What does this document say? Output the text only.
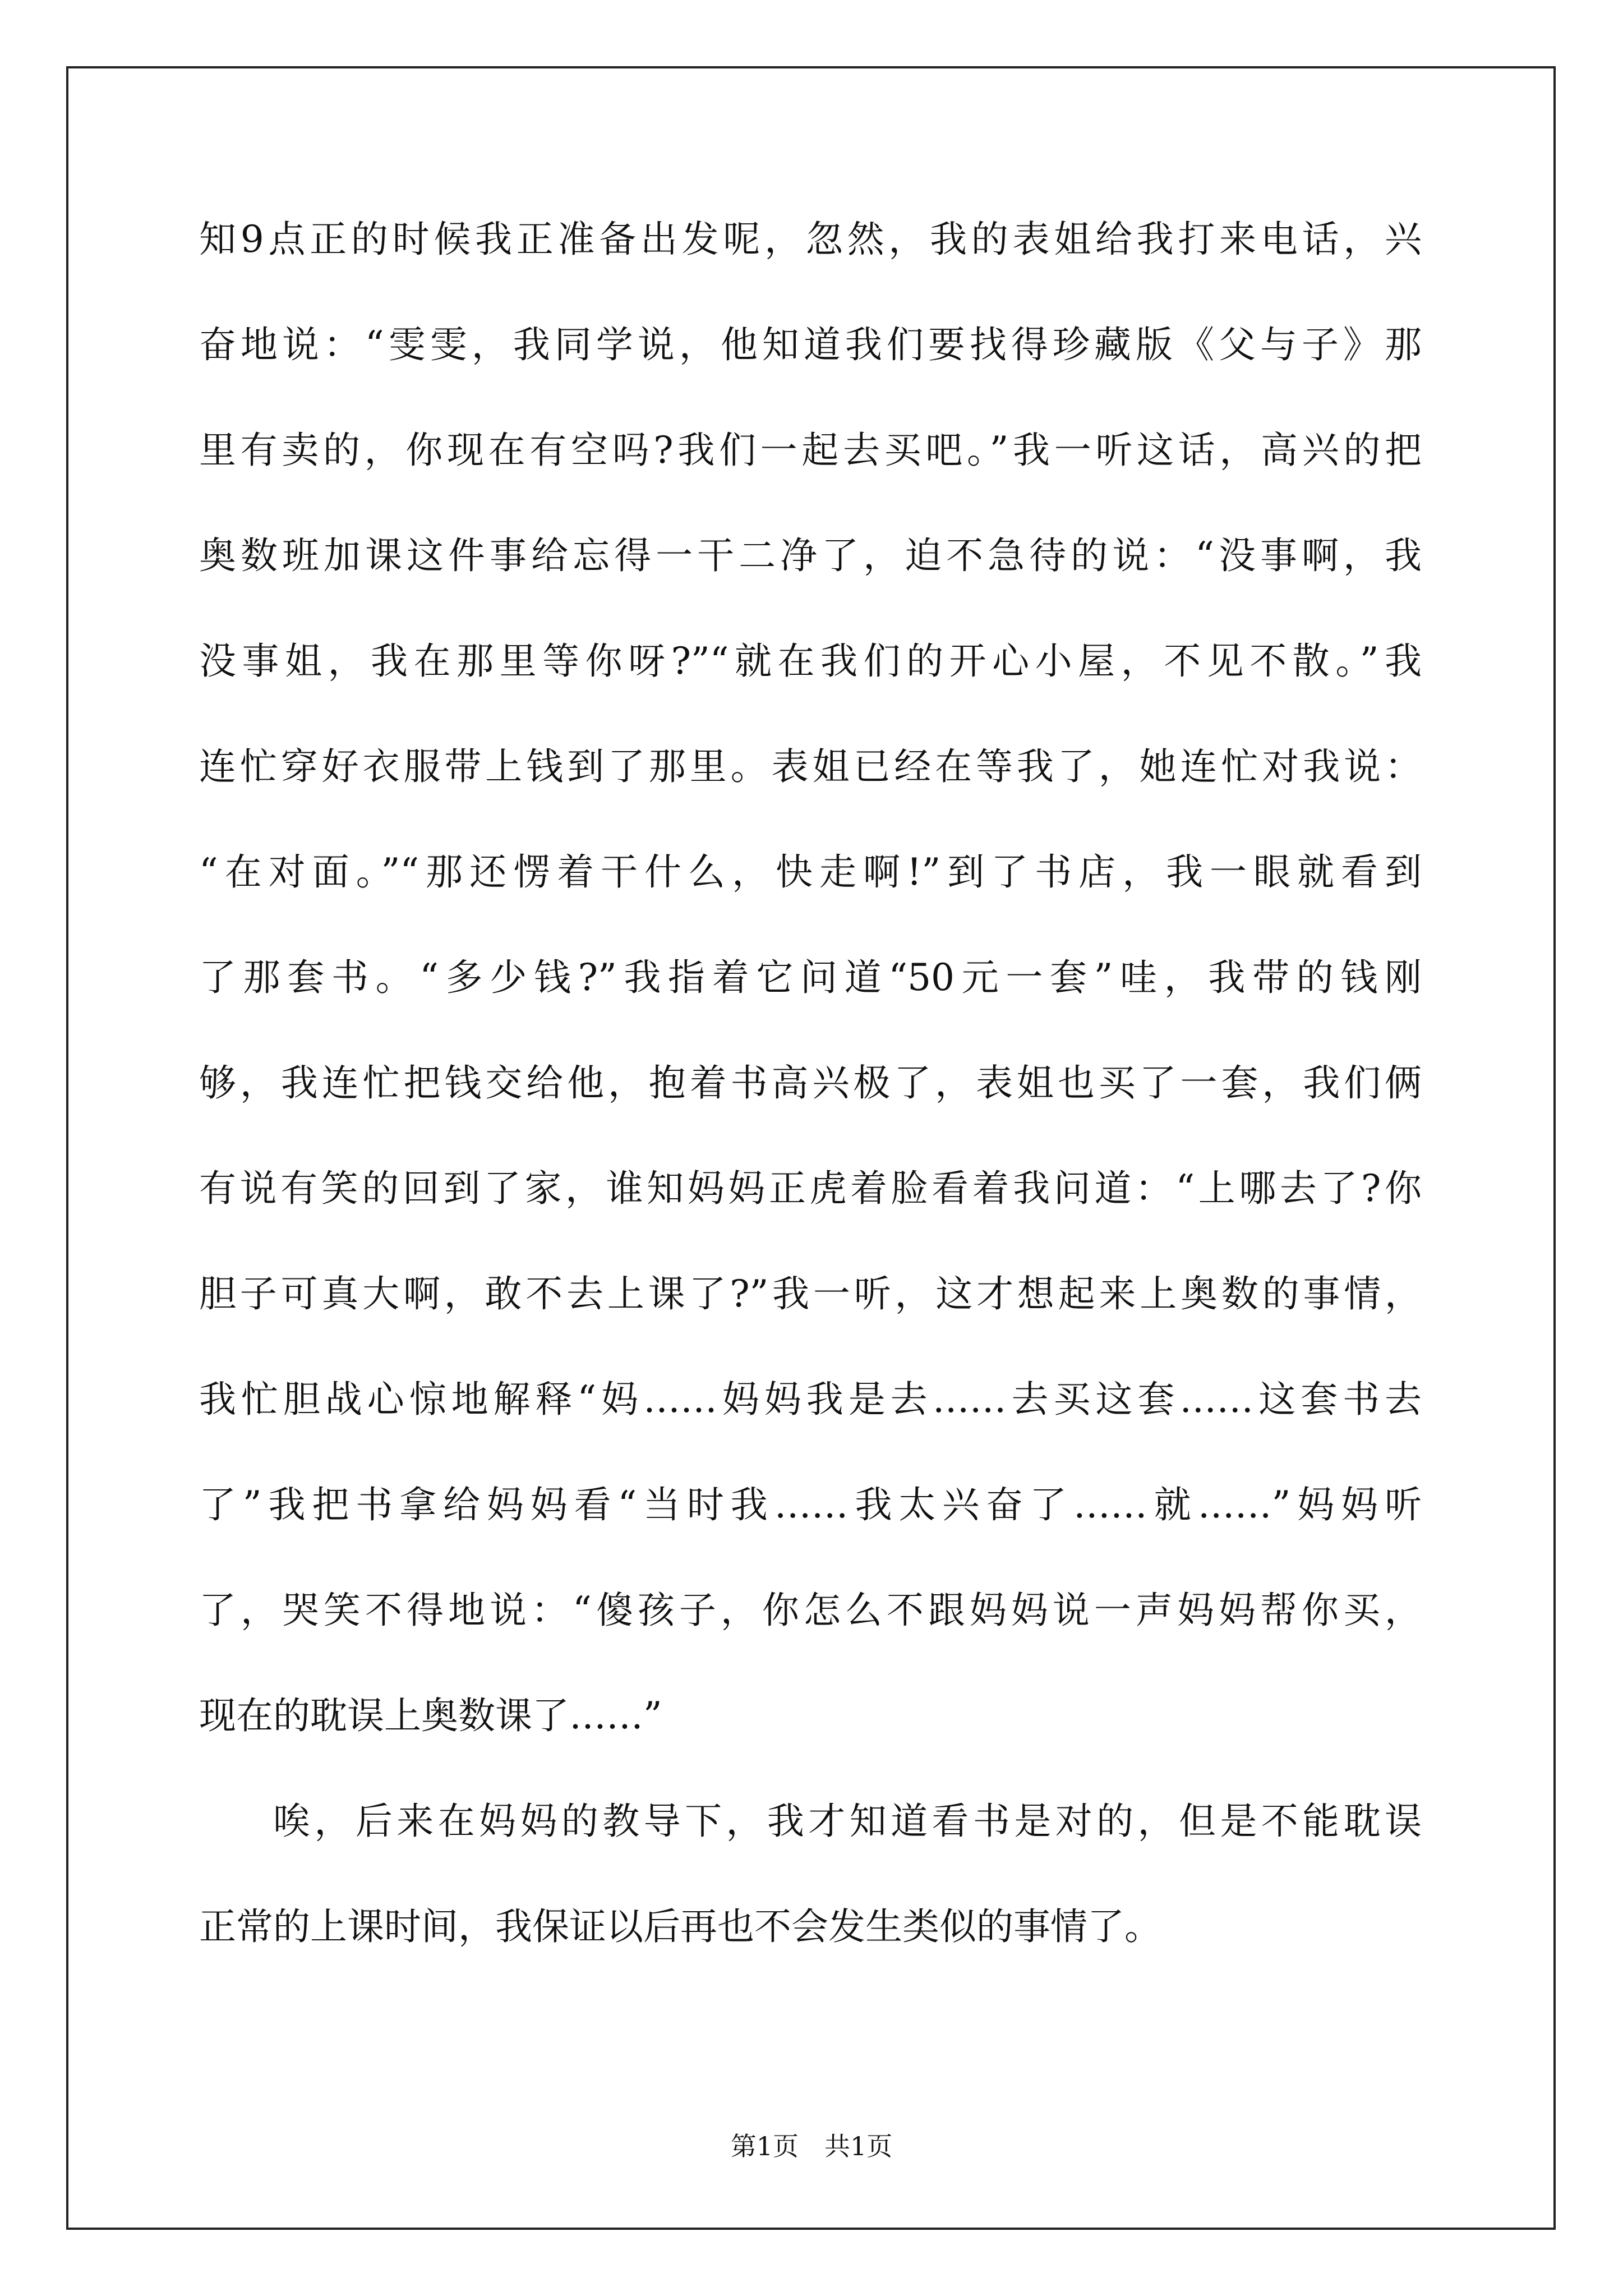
知9点正的时候我正准备出发呢，忽然，我的表姐给我打来电话，兴
奋地说：“雯雯，我同学说，他知道我们要找得珍藏版《父与子》那
里有卖的，你现在有空吗?我们一起去买吧。”我一听这话，高兴的把
奥数班加课这件事给忘得一干二净了，迫不急待的说：“没事啊，我
没事姐，我在那里等你呀?”“就在我们的开心小屋，不见不散。”我
连忙穿好衣服带上钱到了那里。表姐已经在等我了，她连忙对我说：
“在对面。”“那还愣着干什么，快走啊!”到了书店，我一眼就看到
了那套书。“多少钱?”我指着它问道“50元一套”哇，我带的钱刚
够，我连忙把钱交给他，抱着书高兴极了，表姐也买了一套，我们俩
有说有笑的回到了家，谁知妈妈正虎着脸看着我问道：“上哪去了?你
胆子可真大啊，敢不去上课了?”我一听，这才想起来上奥数的事情，
我忙胆战心惊地解释“妈……妈妈我是去……去买这套……这套书去
了”我把书拿给妈妈看“当时我……我太兴奋了……就……”妈妈听
了，哭笑不得地说：“傻孩子，你怎么不跟妈妈说一声妈妈帮你买，
现在的耽误上奥数课了……”
唉，后来在妈妈的教导下，我才知道看书是对的，但是不能耽误
正常的上课时间，我保证以后再也不会发生类似的事情了。
第1页　共1页
